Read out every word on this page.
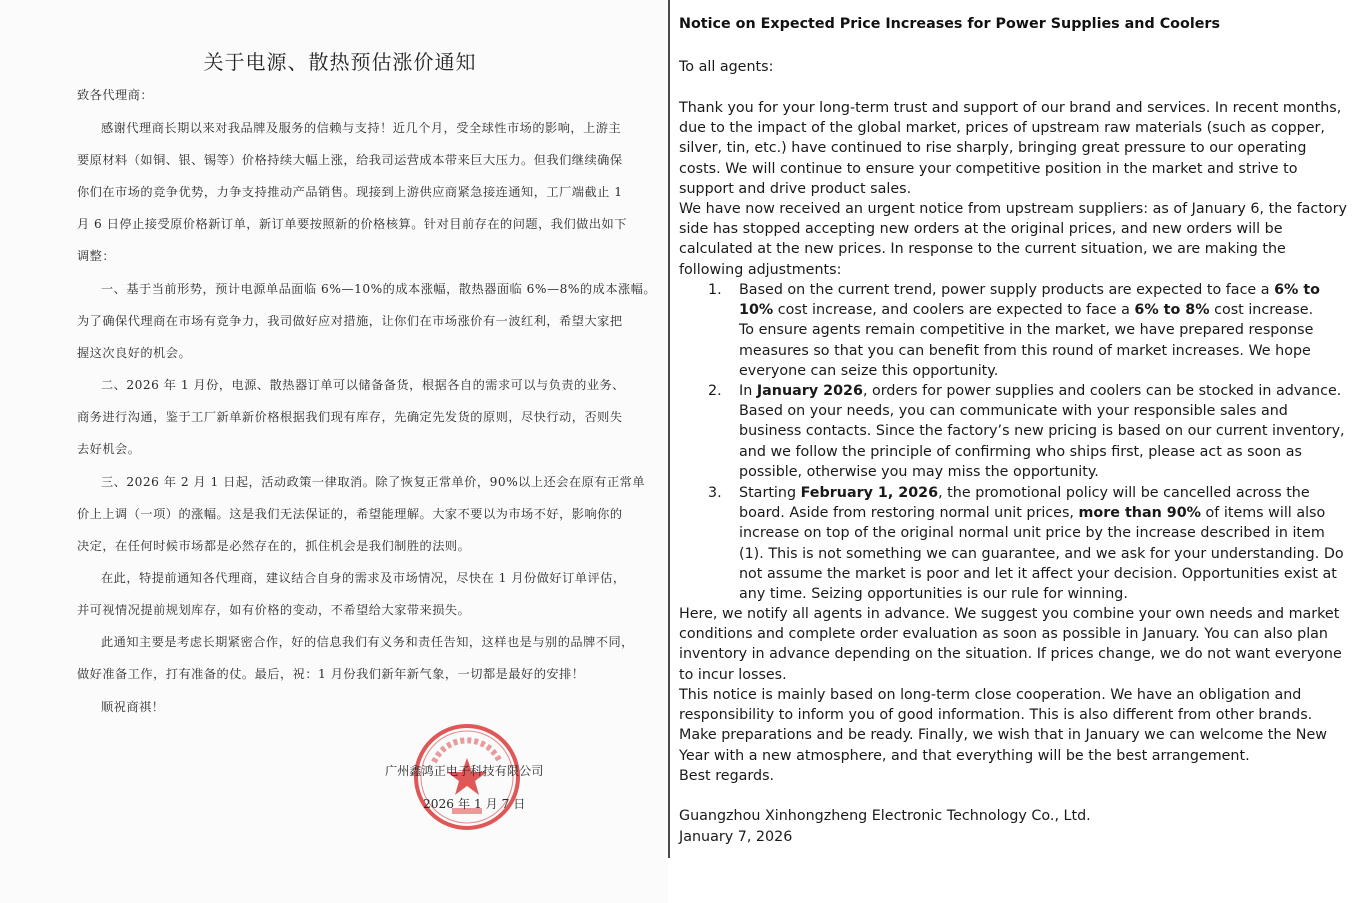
关于电源、散热预估涨价通知
致各代理商：
感谢代理商长期以来对我品牌及服务的信赖与支持！近几个月，受全球性市场的影响，上游主
要原材料（如铜、银、锡等）价格持续大幅上涨，给我司运营成本带来巨大压力。但我们继续确保
你们在市场的竞争优势，力争支持推动产品销售。现接到上游供应商紧急接连通知，工厂端截止 1
月 6 日停止接受原价格新订单，新订单要按照新的价格核算。针对目前存在的问题，我们做出如下
调整：
一、基于当前形势，预计电源单品面临 6%—10%的成本涨幅，散热器面临 6%—8%的成本涨幅。
为了确保代理商在市场有竞争力，我司做好应对措施，让你们在市场涨价有一波红利，希望大家把
握这次良好的机会。
二、2026 年 1 月份，电源、散热器订单可以储备备货，根据各自的需求可以与负责的业务、
商务进行沟通，鉴于工厂新单新价格根据我们现有库存，先确定先发货的原则，尽快行动，否则失
去好机会。
三、2026 年 2 月 1 日起，活动政策一律取消。除了恢复正常单价，90%以上还会在原有正常单
价上上调（一项）的涨幅。这是我们无法保证的，希望能理解。大家不要以为市场不好，影响你的
决定，在任何时候市场都是必然存在的，抓住机会是我们制胜的法则。
在此，特提前通知各代理商，建议结合自身的需求及市场情况，尽快在 1 月份做好订单评估，
并可视情况提前规划库存，如有价格的变动，不希望给大家带来损失。
此通知主要是考虑长期紧密合作，好的信息我们有义务和责任告知，这样也是与别的品牌不同，
做好准备工作，打有准备的仗。最后，祝：1 月份我们新年新气象，一切都是最好的安排！
顺祝商祺！
广州鑫鸿正电子科技有限公司
2026 年 1 月 7 日
Notice on Expected Price Increases for Power Supplies and Coolers

To all agents:

Thank you for your long-term trust and support of our brand and services. In recent months, due to the impact of the global market, prices of upstream raw materials (such as copper, silver, tin, etc.) have continued to rise sharply, bringing great pressure to our operating costs. We will continue to ensure your competitive position in the market and strive to support and drive product sales.

We have now received an urgent notice from upstream suppliers: as of January 6, the factory side has stopped accepting new orders at the original prices, and new orders will be calculated at the new prices. In response to the current situation, we are making the following adjustments:

1. Based on the current trend, power supply products are expected to face a 6% to 10% cost increase, and coolers are expected to face a 6% to 8% cost increase.
To ensure agents remain competitive in the market, we have prepared response measures so that you can benefit from this round of market increases. We hope everyone can seize this opportunity.
2. In January 2026, orders for power supplies and coolers can be stocked in advance. Based on your needs, you can communicate with your responsible sales and business contacts. Since the factory’s new pricing is based on our current inventory, and we follow the principle of confirming who ships first, please act as soon as possible, otherwise you may miss the opportunity.
3. Starting February 1, 2026, the promotional policy will be cancelled across the board. Aside from restoring normal unit prices, more than 90% of items will also increase on top of the original normal unit price by the increase described in item (1). This is not something we can guarantee, and we ask for your understanding. Do not assume the market is poor and let it affect your decision. Opportunities exist at any time. Seizing opportunities is our rule for winning.

Here, we notify all agents in advance. We suggest you combine your own needs and market conditions and complete order evaluation as soon as possible in January. You can also plan inventory in advance depending on the situation. If prices change, we do not want everyone to incur losses.

This notice is mainly based on long-term close cooperation. We have an obligation and responsibility to inform you of good information. This is also different from other brands. Make preparations and be ready. Finally, we wish that in January we can welcome the New Year with a new atmosphere, and that everything will be the best arrangement.

Best regards.

Guangzhou Xinhongzheng Electronic Technology Co., Ltd.

January 7, 2026
